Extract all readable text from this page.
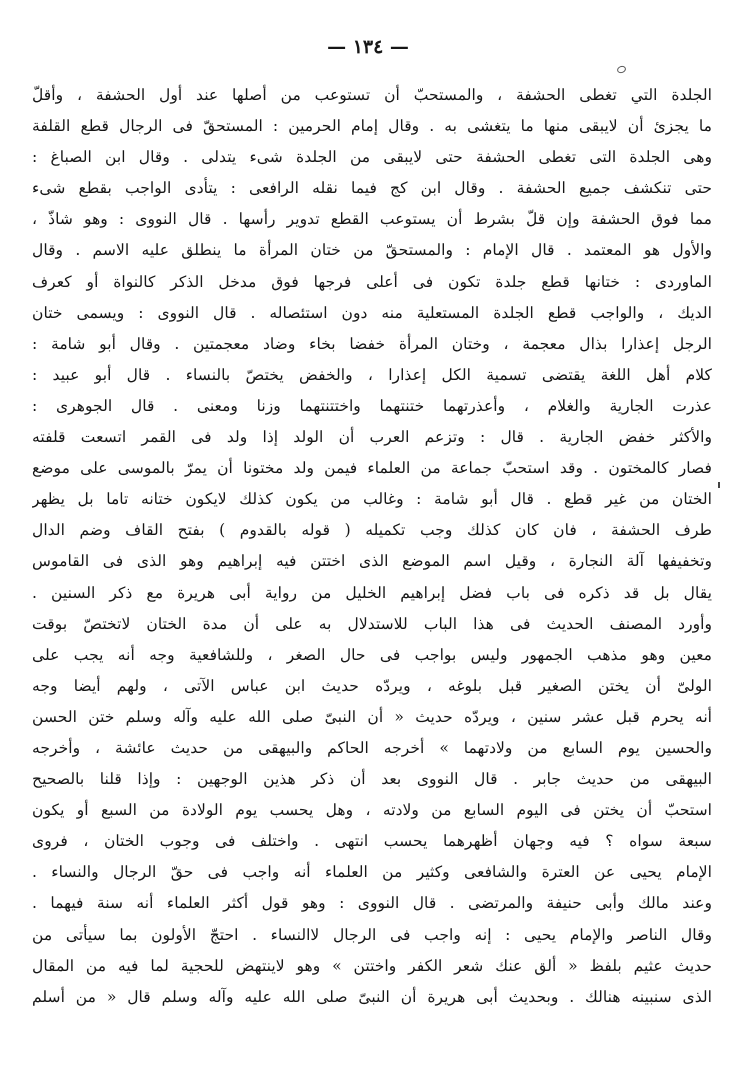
— ١٣٤ —
الجلدة التي تغطى الحشفة ، والمستحبّ أن تستوعب من أصلها عند أول الحشفة ، وأقلّ
ما يجزئ أن لايبقى منها ما يتغشى به . وقال إمام الحرمين : المستحقّ فى الرجال قطع القلفة
وهى الجلدة التى تغطى الحشفة حتى لايبقى من الجلدة شىء يتدلى . وقال ابن الصباغ :
حتى تنكشف جميع الحشفة . وقال ابن كج فيما نقله الرافعى : يتأدى الواجب بقطع شىء
مما فوق الحشفة وإن قلّ بشرط أن يستوعب القطع تدوير رأسها . قال النووى : وهو شاذّ ،
والأول هو المعتمد . قال الإمام : والمستحقّ من ختان المرأة ما ينطلق عليه الاسم . وقال
الماوردى : ختانها قطع جلدة تكون فى أعلى فرجها فوق مدخل الذكر كالنواة أو كعرف
الديك ، والواجب قطع الجلدة المستعلية منه دون استئصاله . قال النووى : ويسمى ختان
الرجل إعذارا بذال معجمة ، وختان المرأة خفضا بخاء وضاد معجمتين . وقال أبو شامة :
كلام أهل اللغة يقتضى تسمية الكل إعذارا ، والخفض يختصّ بالنساء . قال أبو عبيد :
عذرت الجارية والغلام ، وأعذرتهما ختنتهما واختتنتهما وزنا ومعنى . قال الجوهرى :
والأكثر خفض الجارية . قال : وتزعم العرب أن الولد إذا ولد فى القمر اتسعت قلفته
فصار كالمختون . وقد استحبّ جماعة من العلماء فيمن ولد مختونا أن يمرّ بالموسى على موضع
الختان من غير قطع . قال أبو شامة : وغالب من يكون كذلك لايكون ختانه تاما بل يظهر
طرف الحشفة ، فان كان كذلك وجب تكميله ( قوله بالقدوم ) بفتح القاف وضم الدال
وتخفيفها آلة النجارة ، وقيل اسم الموضع الذى اختتن فيه إبراهيم وهو الذى فى القاموس
يقال بل قد ذكره فى باب فضل إبراهيم الخليل من رواية أبى هريرة مع ذكر السنين .
وأورد المصنف الحديث فى هذا الباب للاستدلال به على أن مدة الختان لاتختصّ بوقت
معين وهو مذهب الجمهور وليس بواجب فى حال الصغر ، وللشافعية وجه أنه يجب على
الولىّ أن يختن الصغير قبل بلوغه ، ويردّه حديث ابن عباس الآتى ، ولهم أيضا وجه
أنه يحرم قبل عشر سنين ، ويردّه حديث « أن النبىّ صلى الله عليه وآله وسلم ختن الحسن
والحسين يوم السابع من ولادتهما » أخرجه الحاكم والبيهقى من حديث عائشة ، وأخرجه
البيهقى من حديث جابر . قال النووى بعد أن ذكر هذين الوجهين : وإذا قلنا بالصحيح
استحبّ أن يختن فى اليوم السابع من ولادته ، وهل يحسب يوم الولادة من السبع أو يكون
سبعة سواه ؟ فيه وجهان أظهرهما يحسب انتهى . واختلف فى وجوب الختان ، فروى
الإمام يحيى عن العترة والشافعى وكثير من العلماء أنه واجب فى حقّ الرجال والنساء .
وعند مالك وأبى حنيفة والمرتضى . قال النووى : وهو قول أكثر العلماء أنه سنة فيهما .
وقال الناصر والإمام يحيى : إنه واجب فى الرجال لاالنساء . احتجّ الأولون بما سيأتى من
حديث عثيم بلفظ « ألق عنك شعر الكفر واختتن » وهو لاينتهض للحجية لما فيه من المقال
الذى سنبينه هنالك . وبحديث أبى هريرة أن النبىّ صلى الله عليه وآله وسلم قال « من أسلم
